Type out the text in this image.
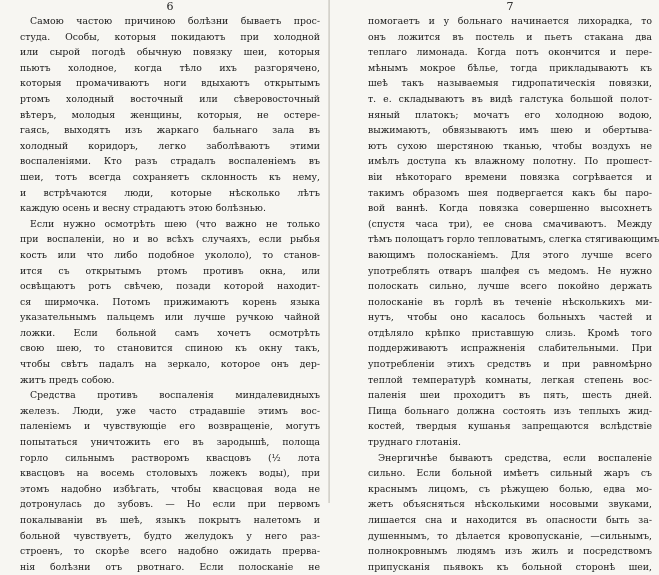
6
Самою частою причиною болѣзни бываетъ прос-
студа. Особы, которыя покидаютъ при холодной
или сырой погодѣ обычную повязку шеи, которыя
пьютъ холодное, когда тѣло ихъ разгорячено,
которыя промачиваютъ ноги вдыхаютъ открытымъ
ртомъ холодный восточный или сѣверовосточный
вѣтеръ, молодыя женщины, которыя, не остере-
гаясь, выходятъ изъ жаркаго бальнаго зала въ
холодный коридоръ, легко заболѣваютъ этими
воспаленіями. Кто разъ страдалъ воспаленіемъ въ
шеи, тотъ всегда сохраняетъ склонность къ нему,
и встрѣчаются люди, которые нѣсколько лѣтъ
каждую осень и весну страдаютъ этою болѣзнью.
Если нужно осмотрѣть шею (что важно не только
при воспаленіи, но и во всѣхъ случаяхъ, если рыбья
кость или что либо подобное укололо), то станов-
ится съ открытымъ ртомъ противъ окна, или
освѣщаютъ ротъ свѣчею, позади которой находит-
ся ширмочка. Потомъ прижимаютъ корень языка
указательнымъ пальцемъ или лучше ручкою чайной
ложки. Если больной самъ хочетъ осмотрѣть
свою шею, то становится спиною къ окну такъ,
чтобы свѣтъ падалъ на зеркало, которое онъ дер-
житъ предъ собою.
Средства противъ воспаленія миндалевидныхъ
железъ. Люди, уже часто страдавшіе этимъ вос-
паленіемъ и чувствующіе его возвращеніе, могутъ
попытаться уничтожить его въ зародышѣ, полоща
горло сильнымъ растворомъ квасцовъ (½ лота
квасцовъ на восемь столовыхъ ложекъ воды), при
этомъ надобно избѣгать, чтобы квасцовая вода не
дотронулась до зубовъ. — Но если при первомъ
покалываніи въ шеѣ, языкъ покрытъ налетомъ и
больной чувствуетъ, будто желудокъ у него раз-
строенъ, то скорѣе всего надобно ожидать прерва-
нія болѣзни отъ рвотнаго. Если полосканіе не
7
помогаетъ и у больнаго начинается лихорадка, то
онъ ложится въ постель и пьетъ стакана два
теплаго лимонада. Когда потъ окончится и пере-
мѣнымъ мокрое бѣлье, тогда прикладываютъ къ
шеѣ такъ называемыя гидропатическія повязки,
т. е. складываютъ въ видѣ галстука большой полот-
няный платокъ; мочатъ его холодною водою,
выжимаютъ, обвязываютъ имъ шею и обертыва-
ютъ сухою шерстяною тканью, чтобы воздухъ не
имѣлъ доступа къ влажному полотну. По прошест-
віи нѣкотораго времени повязка согрѣвается и
такимъ образомъ шея подвергается какъ бы паро-
вой ваннѣ. Когда повязка совершенно высохнетъ
(спустя часа три), ее снова смачиваютъ. Между
тѣмъ полощатъ горло тепловатымъ, слегка стягивающимъ
вающимъ полосканіемъ. Для этого лучше всего
употреблять отваръ шалфея съ медомъ. Не нужно
полоскать сильно, лучше всего покойно держать
полосканіе въ горлѣ въ теченіе нѣсколькихъ ми-
нутъ, чтобы оно касалось больныхъ частей и
отдѣляло крѣпко приставшую слизь. Кромѣ того
поддерживаютъ испражненія слабительными. При
употребленіи этихъ средствъ и при равномѣрно
теплой температурѣ комнаты, легкая степень вос-
паленія шеи проходитъ въ пять, шесть дней.
Пища больнаго должна состоять изъ теплыхъ жид-
костей, твердыя кушанья запрещаются вслѣдствіе
труднаго глотанія.
Энергичнѣе бываютъ средства, если воспаленіе
сильно. Если больной имѣетъ сильный жаръ съ
краснымъ лицомъ, съ рѣжущею болью, едва мо-
жетъ объясняться нѣсколькими носовыми звуками,
лишается сна и находится въ опасности быть за-
душеннымъ, то дѣлается кровопусканіе, —сильнымъ,
полнокровнымъ людямъ изъ жилъ и посредствомъ
припусканія пьявокъ къ больной сторонѣ шеи,
